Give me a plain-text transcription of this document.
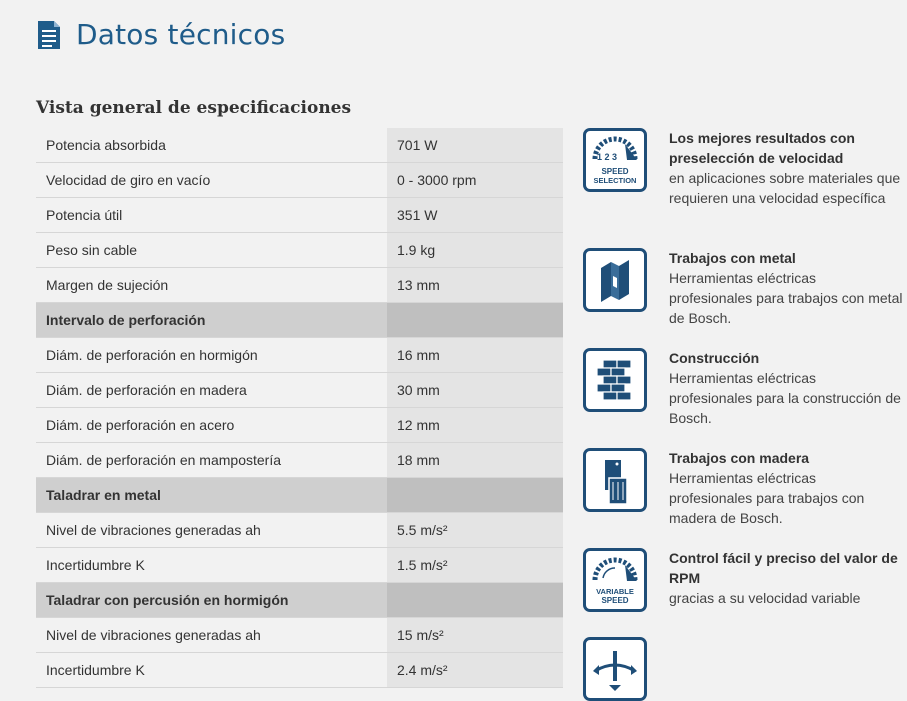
Datos técnicos
Vista general de especificaciones
Potencia absorbida	701 W
Velocidad de giro en vacío	0 - 3000 rpm
Potencia útil	351 W
Peso sin cable	1.9 kg
Margen de sujeción	13 mm
Intervalo de perforación
Diám. de perforación en hormigón	16 mm
Diám. de perforación en madera	30 mm
Diám. de perforación en acero	12 mm
Diám. de perforación en mampostería	18 mm
Taladrar en metal
Nivel de vibraciones generadas ah	5.5 m/s²
Incertidumbre K	1.5 m/s²
Taladrar con percusión en hormigón
Nivel de vibraciones generadas ah	15 m/s²
Incertidumbre K	2.4 m/s²
1 2 3
SPEED
SELECTION
Los mejores resultados con preselección de velocidad
en aplicaciones sobre materiales que requieren una velocidad específica
Trabajos con metal
Herramientas eléctricas profesionales para trabajos con metal de Bosch.
Construcción
Herramientas eléctricas profesionales para la construcción de Bosch.
Trabajos con madera
Herramientas eléctricas profesionales para trabajos con madera de Bosch.
VARIABLE
SPEED
Control fácil y preciso del valor de RPM
gracias a su velocidad variable
